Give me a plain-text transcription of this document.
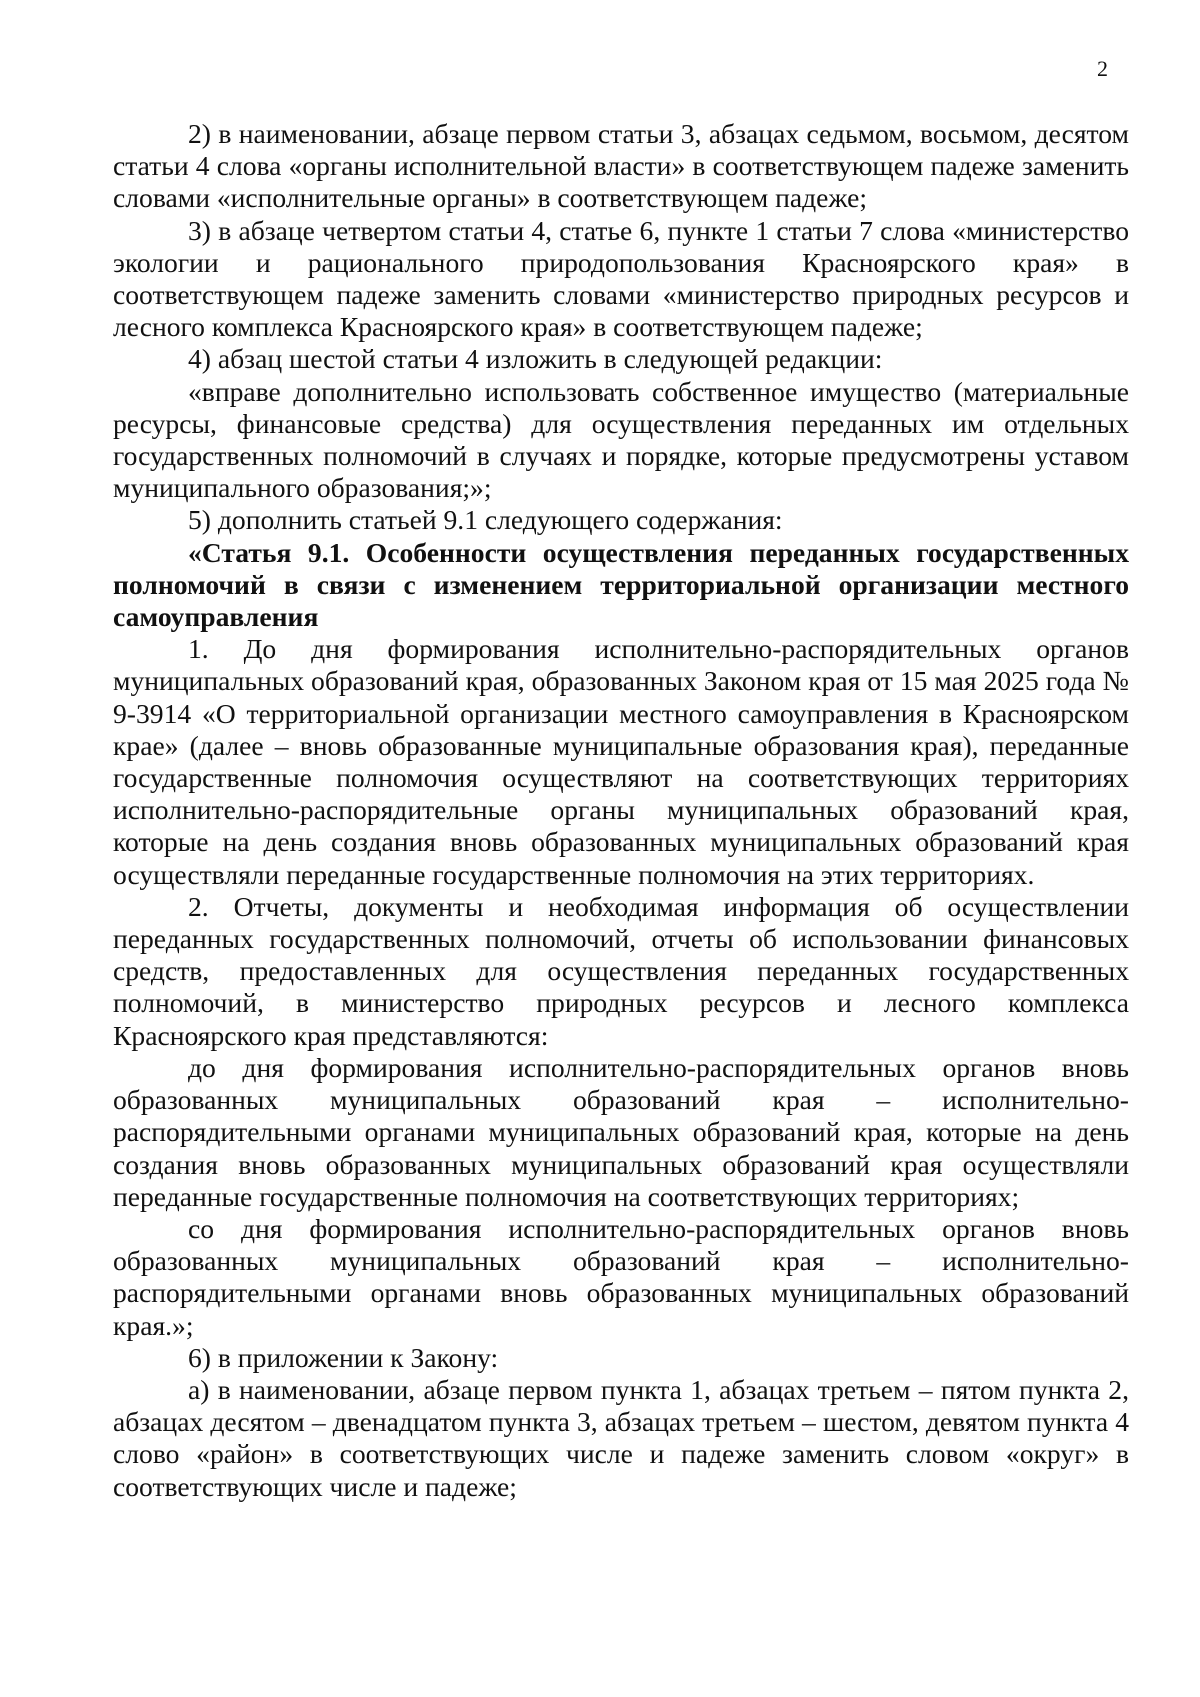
2

2) в наименовании, абзаце первом статьи 3, абзацах седьмом, восьмом, десятом статьи 4 слова «органы исполнительной власти» в соответствующем падеже заменить словами «исполнительные органы» в соответствующем падеже;

3) в абзаце четвертом статьи 4, статье 6, пункте 1 статьи 7 слова «министерство экологии и рационального природопользования Красноярского края» в соответствующем падеже заменить словами «министерство природных ресурсов и лесного комплекса Красноярского края» в соответствующем падеже;

4) абзац шестой статьи 4 изложить в следующей редакции:

«вправе дополнительно использовать собственное имущество (материальные ресурсы, финансовые средства) для осуществления переданных им отдельных государственных полномочий в случаях и порядке, которые предусмотрены уставом муниципального образования;»;

5) дополнить статьей 9.1 следующего содержания:

«Статья 9.1. Особенности осуществления переданных государственных полномочий в связи с изменением территориальной организации местного самоуправления

1. До дня формирования исполнительно-распорядительных органов муниципальных образований края, образованных Законом края от 15 мая 2025 года № 9-3914 «О территориальной организации местного самоуправления в Красноярском крае» (далее – вновь образованные муниципальные образования края), переданные государственные полномочия осуществляют на соответствующих территориях исполнительно-распорядительные органы муниципальных образований края, которые на день создания вновь образованных муниципальных образований края осуществляли переданные государственные полномочия на этих территориях.

2. Отчеты, документы и необходимая информация об осуществлении переданных государственных полномочий, отчеты об использовании финансовых средств, предоставленных для осуществления переданных государственных полномочий, в министерство природных ресурсов и лесного комплекса Красноярского края представляются:

до дня формирования исполнительно-распорядительных органов вновь образованных муниципальных образований края – исполнительно-распорядительными органами муниципальных образований края, которые на день создания вновь образованных муниципальных образований края осуществляли переданные государственные полномочия на соответствующих территориях;

со дня формирования исполнительно-распорядительных органов вновь образованных муниципальных образований края – исполнительно-распорядительными органами вновь образованных муниципальных образований края.»;

6) в приложении к Закону:

а) в наименовании, абзаце первом пункта 1, абзацах третьем – пятом пункта 2, абзацах десятом – двенадцатом пункта 3, абзацах третьем – шестом, девятом пункта 4 слово «район» в соответствующих числе и падеже заменить словом «округ» в соответствующих числе и падеже;
